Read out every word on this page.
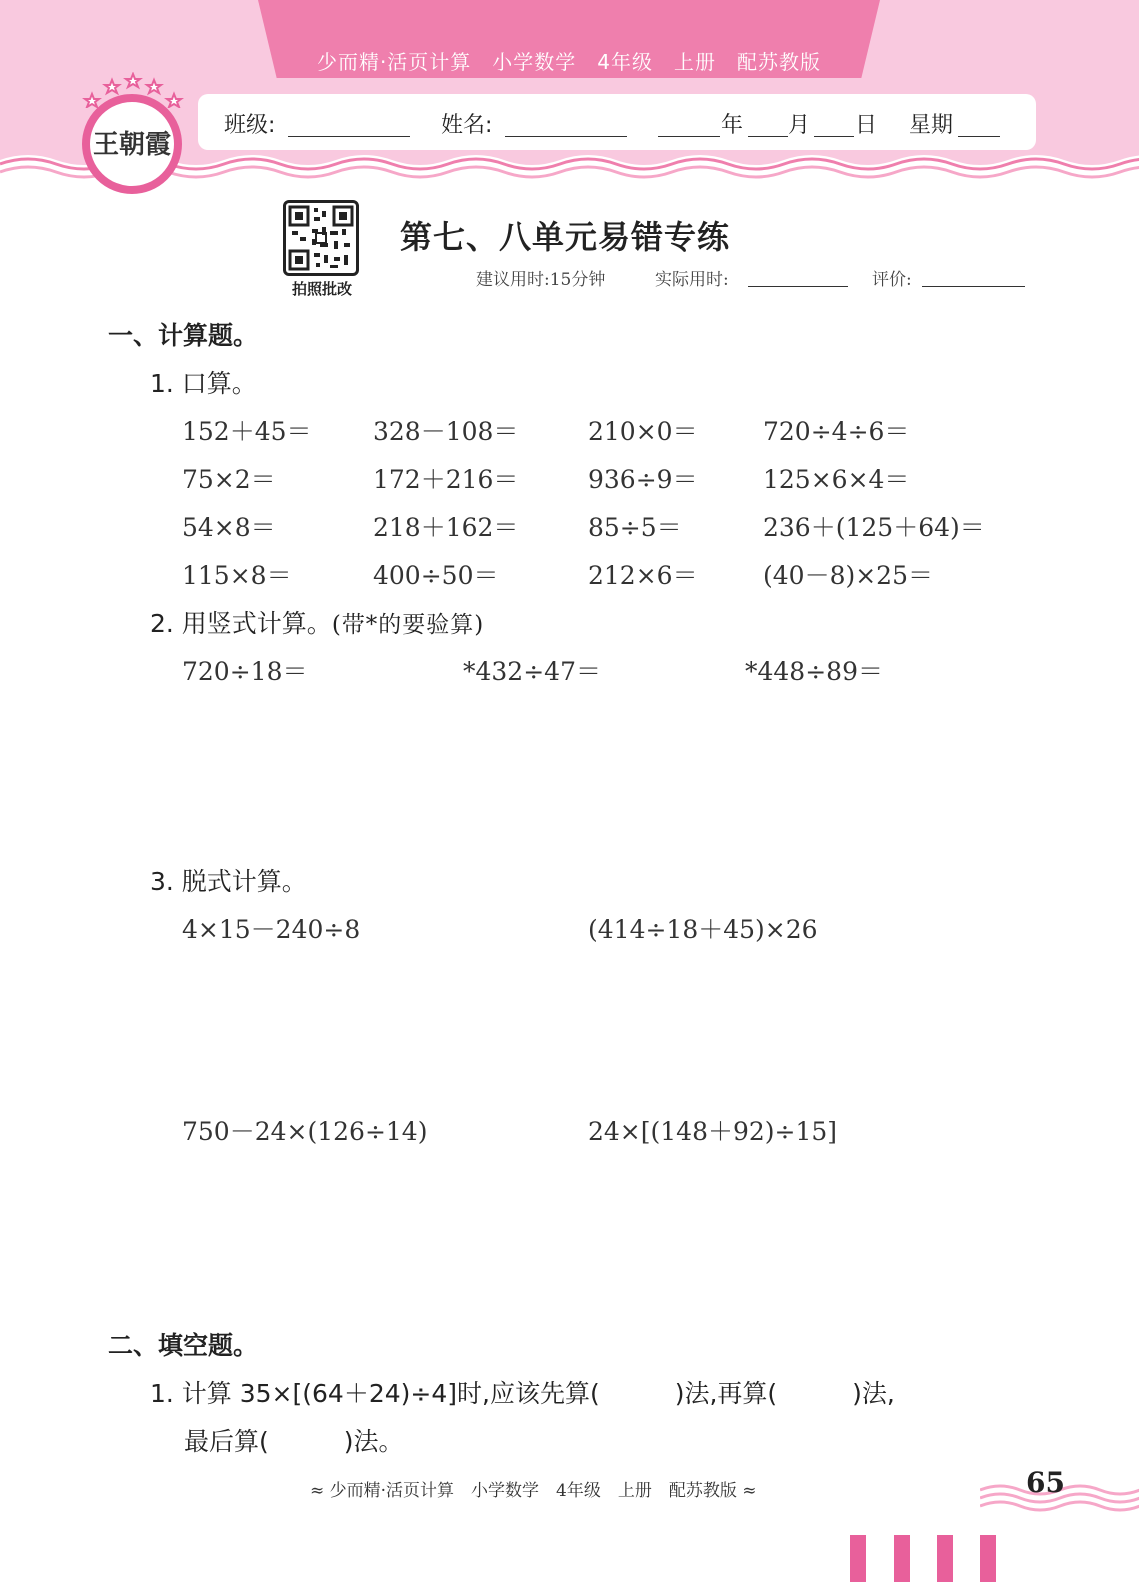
少而精·活页计算　小学数学　4年级　上册　配苏教版
王朝霞
班级:	姓名:	年 月 日 星期
拍照批改
第七、八单元易错专练
建议用时:15分钟	实际用时:	评价:
一、计算题。
1. 口算。
152＋45＝ 328－108＝	210×0＝	720÷4÷6＝
75×2＝	172＋216＝	936÷9＝	125×6×4＝
54×8＝	218＋162＝	85÷5＝	236＋(125＋64)＝
115×8＝	400÷50＝	212×6＝	(40－8)×25＝
2. 用竖式计算。(带*的要验算)
720÷18＝	*432÷47＝	*448÷89＝
3. 脱式计算。
4×15－240÷8	(414÷18＋45)×26
750－24×(126÷14)	24×[(148＋92)÷15]
二、填空题。
1. 计算 35×[(64＋24)÷4]时,应该先算(　　　)法,再算(　　　)法,
最后算(　　　)法。
≈ 少而精·活页计算　小学数学　4年级　上册　配苏教版 ≈	65
